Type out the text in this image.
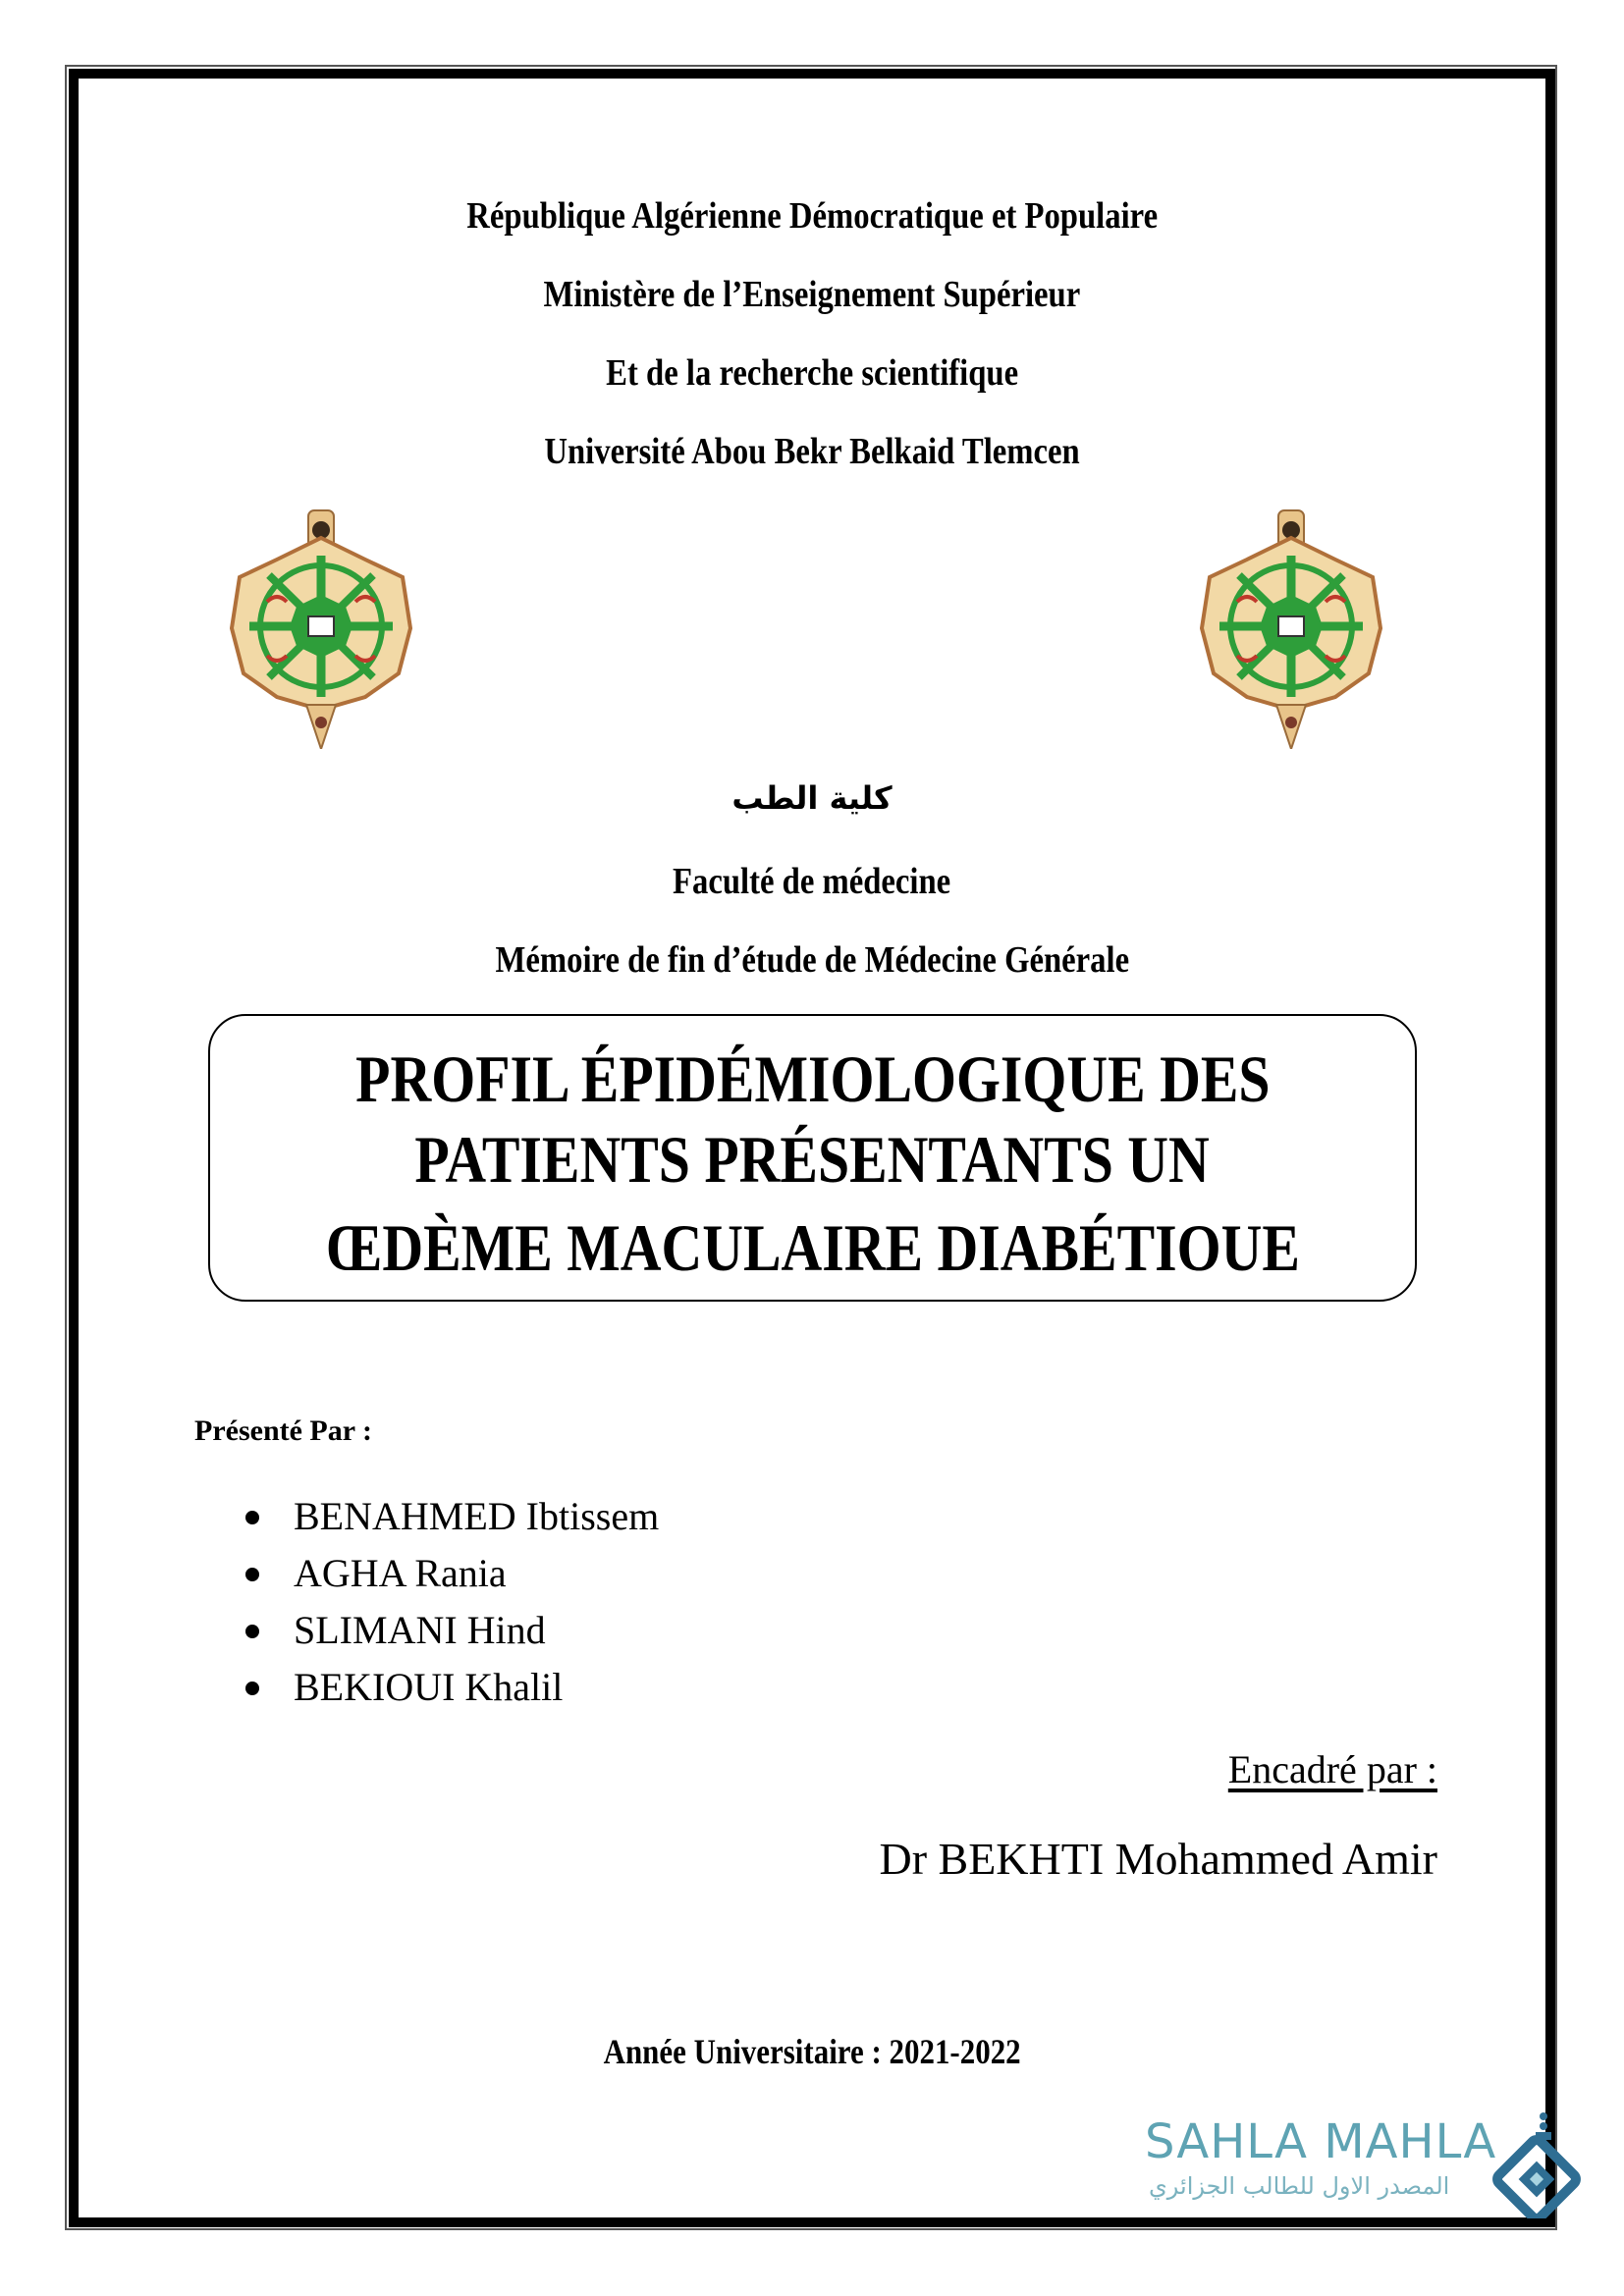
République Algérienne Démocratique et Populaire
Ministère de l’Enseignement Supérieur
Et de la recherche scientifique
Université Abou Bekr Belkaid Tlemcen
كلية الطب
Faculté de médecine
Mémoire de fin d’étude de Médecine Générale
PROFIL ÉPIDÉMIOLOGIQUE DES
PATIENTS PRÉSENTANTS UN
ŒDÈME MACULAIRE DIABÉTIOUE
Présenté Par :
BENAHMED Ibtissem
AGHA Rania
SLIMANI Hind
BEKIOUI Khalil
Encadré par :
Dr BEKHTI Mohammed Amir
Année Universitaire : 2021-2022
SAHLA MAHLA
المصدر الاول للطالب الجزائري
